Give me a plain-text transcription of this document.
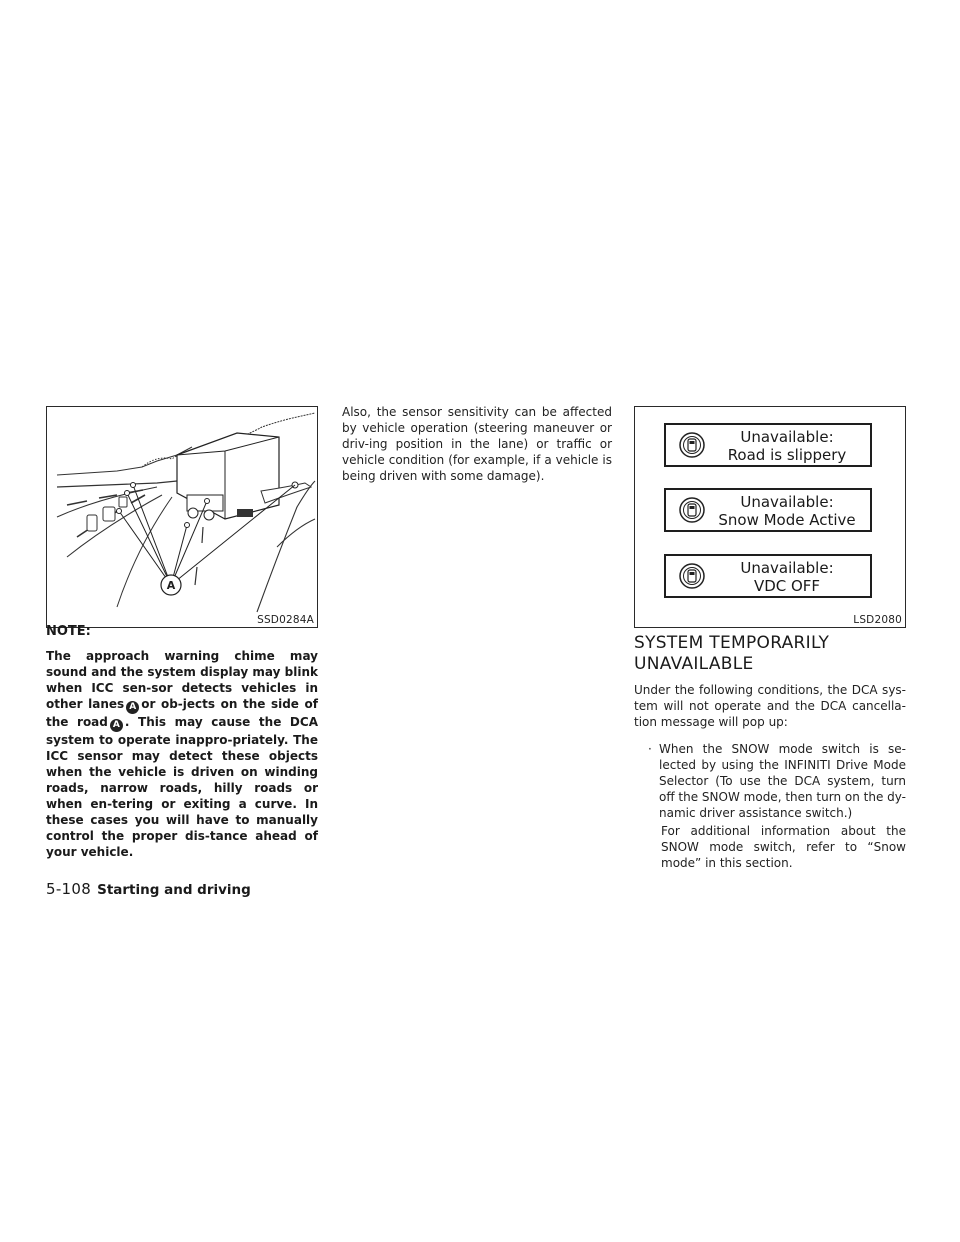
A
SSD0284A
NOTE:
The approach warning chime may sound and the system display may blink when ICC sen-sor detects vehicles in other lanes A or ob-jects on the side of the road A . This may cause the DCA system to operate inappro-priately. The ICC sensor may detect these objects when the vehicle is driven on winding roads, narrow roads, hilly roads or when en-tering or exiting a curve. In these cases you will have to manually control the proper dis-tance ahead of your vehicle.
Also, the sensor sensitivity can be affected by vehicle operation (steering maneuver or driv-ing position in the lane) or traffic or vehicle condition (for example, if a vehicle is being driven with some damage).
LSD2080
Unavailable:
Road is slippery
Unavailable:
Snow Mode Active
Unavailable:
VDC OFF
SYSTEM TEMPORARILY
UNAVAILABLE
Under the following conditions, the DCA sys-tem will not operate and the DCA cancella-tion message will pop up:
· When the SNOW mode switch is se-lected by using the INFINITI Drive Mode Selector (To use the DCA system, turn off the SNOW mode, then turn on the dy-namic driver assistance switch.)
For additional information about the SNOW mode switch, refer to “Snow mode” in this section.
5-108 Starting and driving
